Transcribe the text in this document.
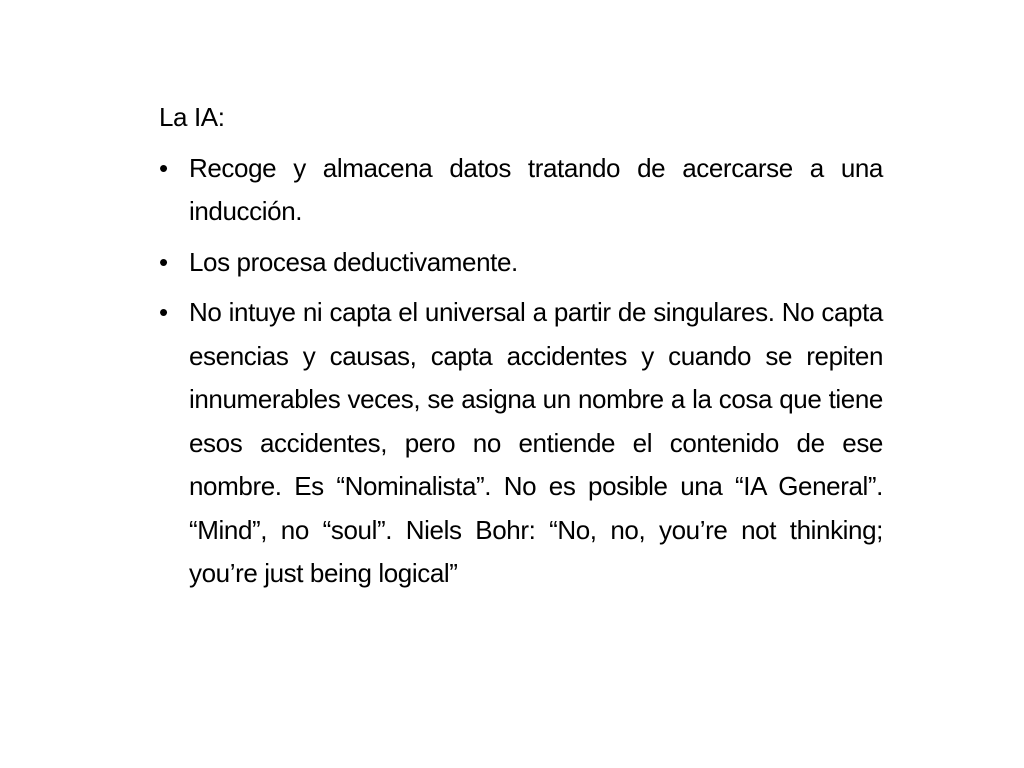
La IA:

• Recoge y almacena datos tratando de acercarse a una inducción.
• Los procesa deductivamente.
• No intuye ni capta el universal a partir de singulares. No capta esencias y causas, capta accidentes y cuando se repiten innumerables veces, se asigna un nombre a la cosa que tiene esos accidentes, pero no entiende el contenido de ese nombre. Es “Nominalista”. No es posible una “IA General”. “Mind”, no “soul”. Niels Bohr: “No, no, you’re not thinking; you’re just being logical”
